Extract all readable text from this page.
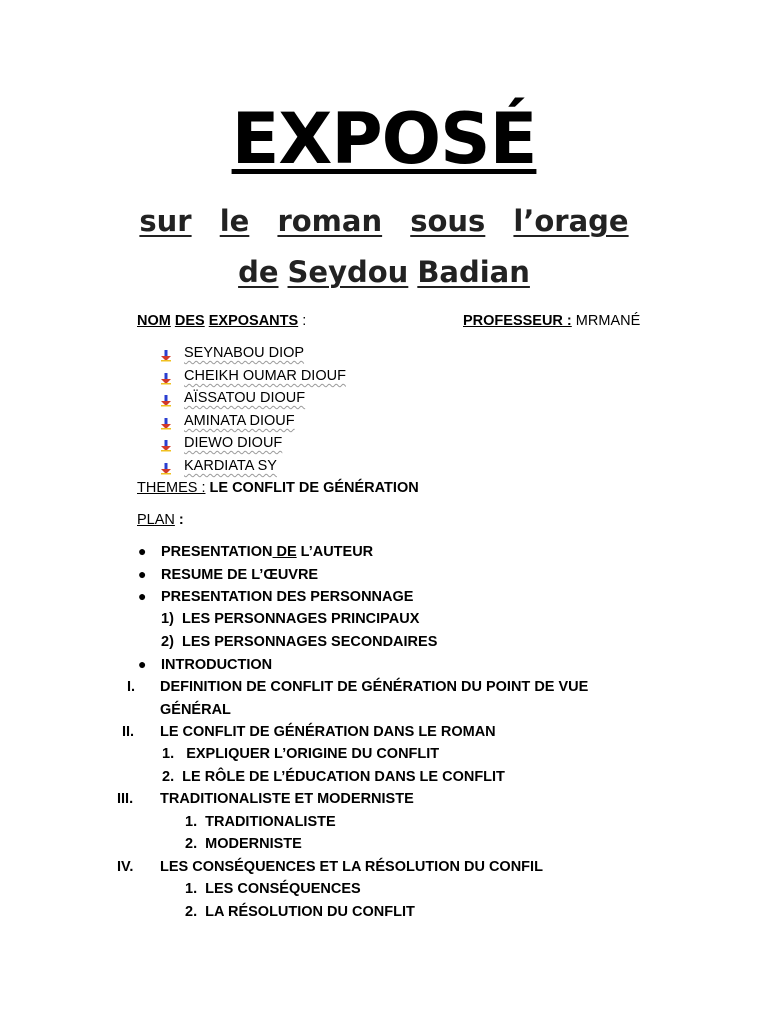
EXPOSÉ
sur le roman sous l’orage
de Seydou Badian
NOM DES EXPOSANTS :	PROFESSEUR : MRMANÉ
SEYNABOU DIOP
CHEIKH OUMAR DIOUF
AÏSSATOU DIOUF
AMINATA DIOUF
DIEWO DIOUF
KARDIATA SY
THEMES : LE CONFLIT DE GÉNÉRATION
PLAN :
● PRESENTATION DE L’AUTEUR
● RESUME DE L’ŒUVRE
● PRESENTATION DES PERSONNAGE
1) LES PERSONNAGES PRINCIPAUX
2) LES PERSONNAGES SECONDAIRES
● INTRODUCTION
I. DEFINITION DE CONFLIT DE GÉNÉRATION DU POINT DE VUE
GÉNÉRAL
II. LE CONFLIT DE GÉNÉRATION DANS LE ROMAN
1. EXPLIQUER L’ORIGINE DU CONFLIT
2. LE RÔLE DE L’ÉDUCATION DANS LE CONFLIT
III. TRADITIONALISTE ET MODERNISTE
1. TRADITIONALISTE
2. MODERNISTE
IV. LES CONSÉQUENCES ET LA RÉSOLUTION DU CONFIL
1. LES CONSÉQUENCES
2. LA RÉSOLUTION DU CONFLIT
